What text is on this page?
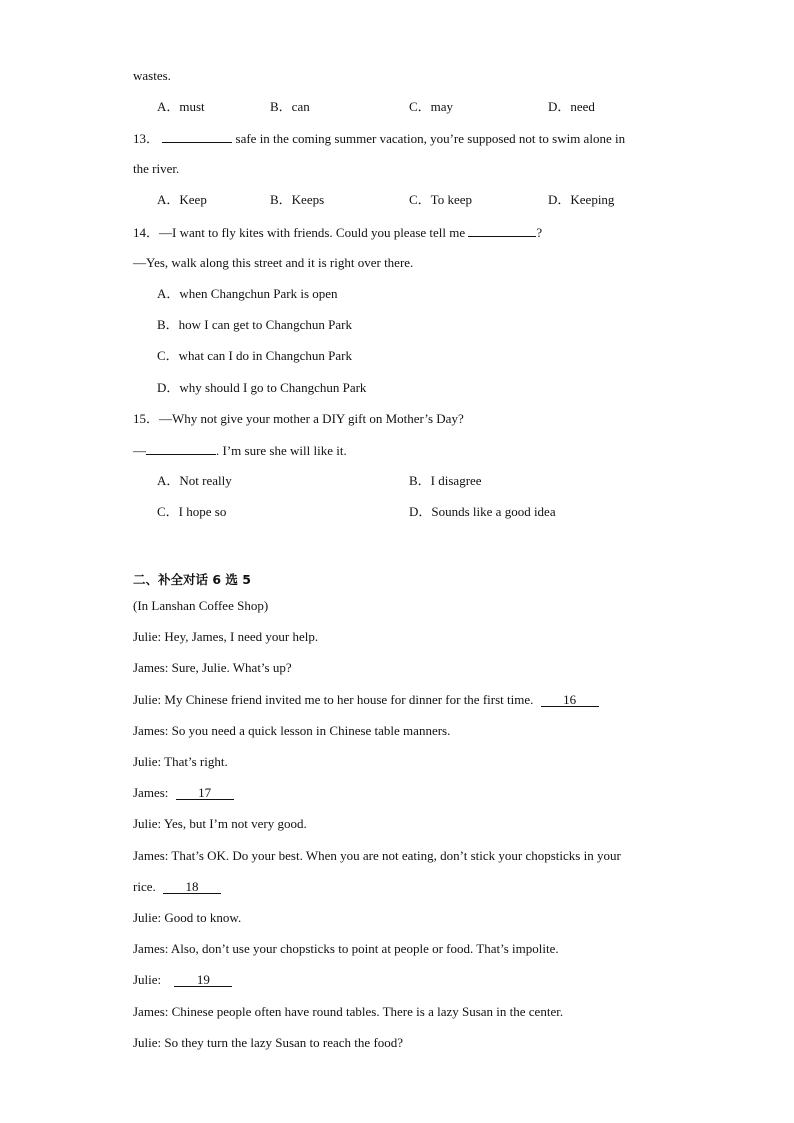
wastes.
A．must	B．can	C．may	D．need
13．	safe in the coming summer vacation, you’re supposed not to swim alone in
the river.
A．Keep	B．Keeps	C．To keep	D．Keeping
14．—I want to fly kites with friends. Could you please tell me	?
—Yes, walk along this street and it is right over there.
A．when Changchun Park is open
B．how I can get to Changchun Park
C．what can I do in Changchun Park
D．why should I go to Changchun Park
15．—Why not give your mother a DIY gift on Mother’s Day?
—	. I’m sure she will like it.
A．Not really	B．I disagree
C．I hope so	D．Sounds like a good idea
二、补全对话 6 选 5
(In Lanshan Coffee Shop)
Julie: Hey, James, I need your help.
James: Sure, Julie. What’s up?
Julie: My Chinese friend invited me to her house for dinner for the first time. 16
James: So you need a quick lesson in Chinese table manners.
Julie: That’s right.
James: 17
Julie: Yes, but I’m not very good.
James: That’s OK. Do your best. When you are not eating, don’t stick your chopsticks in your
rice. 18
Julie: Good to know.
James: Also, don’t use your chopsticks to point at people or food. That’s impolite.
Julie:	19
James: Chinese people often have round tables. There is a lazy Susan in the center.
Julie: So they turn the lazy Susan to reach the food?
